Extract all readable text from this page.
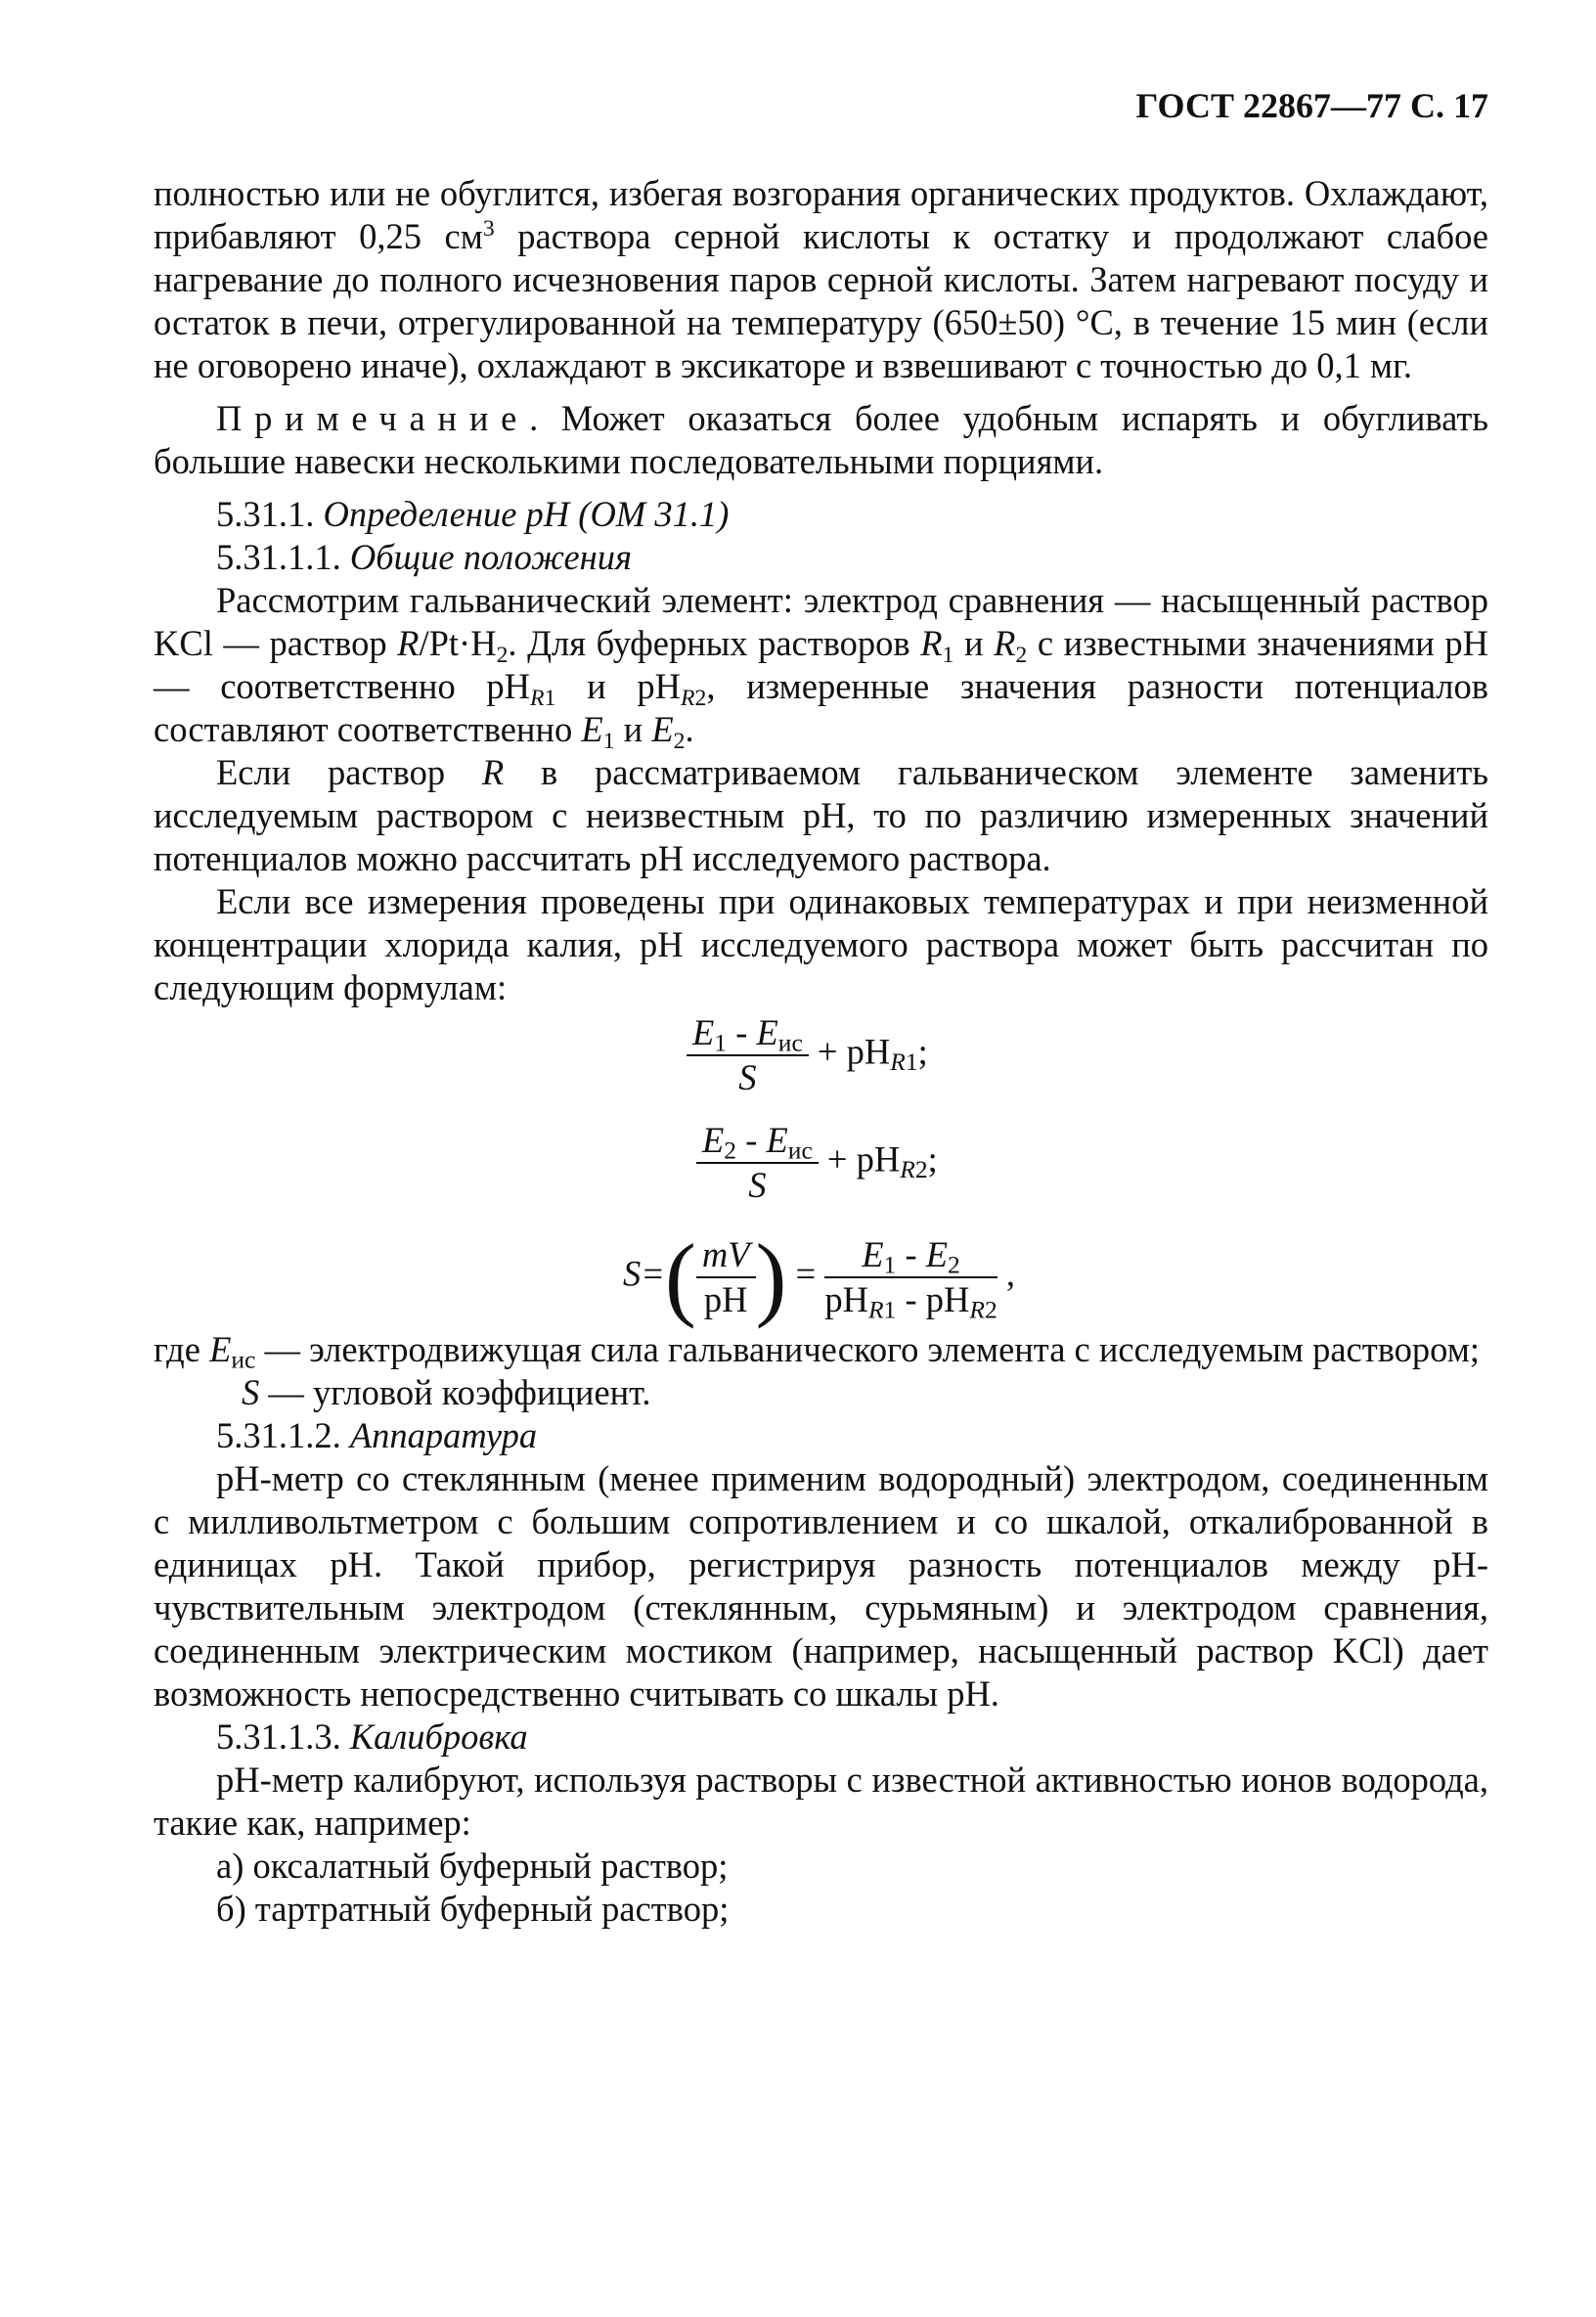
ГОСТ 22867—77 С. 17

полностью или не обуглится, избегая возгорания органических продуктов. Охлаждают, прибавляют 0,25 $см^3$ раствора серной кислоты к остатку и продолжают слабое нагревание до полного исчезновения паров серной кислоты. Затем нагревают посуду и остаток в печи, отрегулированной на температуру (650±50) °С, в течение 15 мин (если не оговорено иначе), охлаждают в эксикаторе и взвешивают с точностью до 0,1 мг.

Примечание. Может оказаться более удобным испарять и обугливать большие навески несколькими последовательными порциями.

5.31.1. Определение pH (ОМ 31.1)

5.31.1.1. Общие положения

Рассмотрим гальванический элемент: электрод сравнения — насыщенный раствор KCl — раствор $R/Pt\cdot H_2$. Для буферных растворов $R_1$ и $R_2$ с известными значениями pH — соответственно $pH_{R1}$ и $pH_{R2}$, измеренные значения разности потенциалов составляют соответственно $E_1$ и $E_2$.

Если раствор R в рассматриваемом гальваническом элементе заменить исследуемым раствором с неизвестным pH, то по различию измеренных значений потенциалов можно рассчитать pH исследуемого раствора.

Если все измерения проведены при одинаковых температурах и при неизменной концентрации хлорида калия, pH исследуемого раствора может быть рассчитан по следующим формулам:

$\frac{\text{E1 - Eис}}{S} + pHR1$;
$\frac{\text{E2 - Eис}}{S} + pHR2$;
$S=( \frac{mV}{pH}$ ) = $\frac{E1 - E2}{\text{pHR1 - pHR2}}$ ,
где Eис — электродвижущая сила гальванического элемента с исследуемым раствором;
S — угловой коэффициент.

5.31.1.2. Аппаратура

pH-метр со стеклянным (менее применим водородный) электродом, соединенным с милливольтметром с большим сопротивлением и со шкалой, откалиброванной в единицах pH. Такой прибор, регистрируя разность потенциалов между pH-чувствительным электродом (стеклянным, сурьмяным) и электродом сравнения, соединенным электрическим мостиком (например, насыщенный раствор KCl) дает возможность непосредственно считывать со шкалы pH.

5.31.1.3. Калибровка

pH-метр калибруют, используя растворы с известной активностью ионов водорода, такие как, например:

а) оксалатный буферный раствор;

б) тартратный буферный раствор;
